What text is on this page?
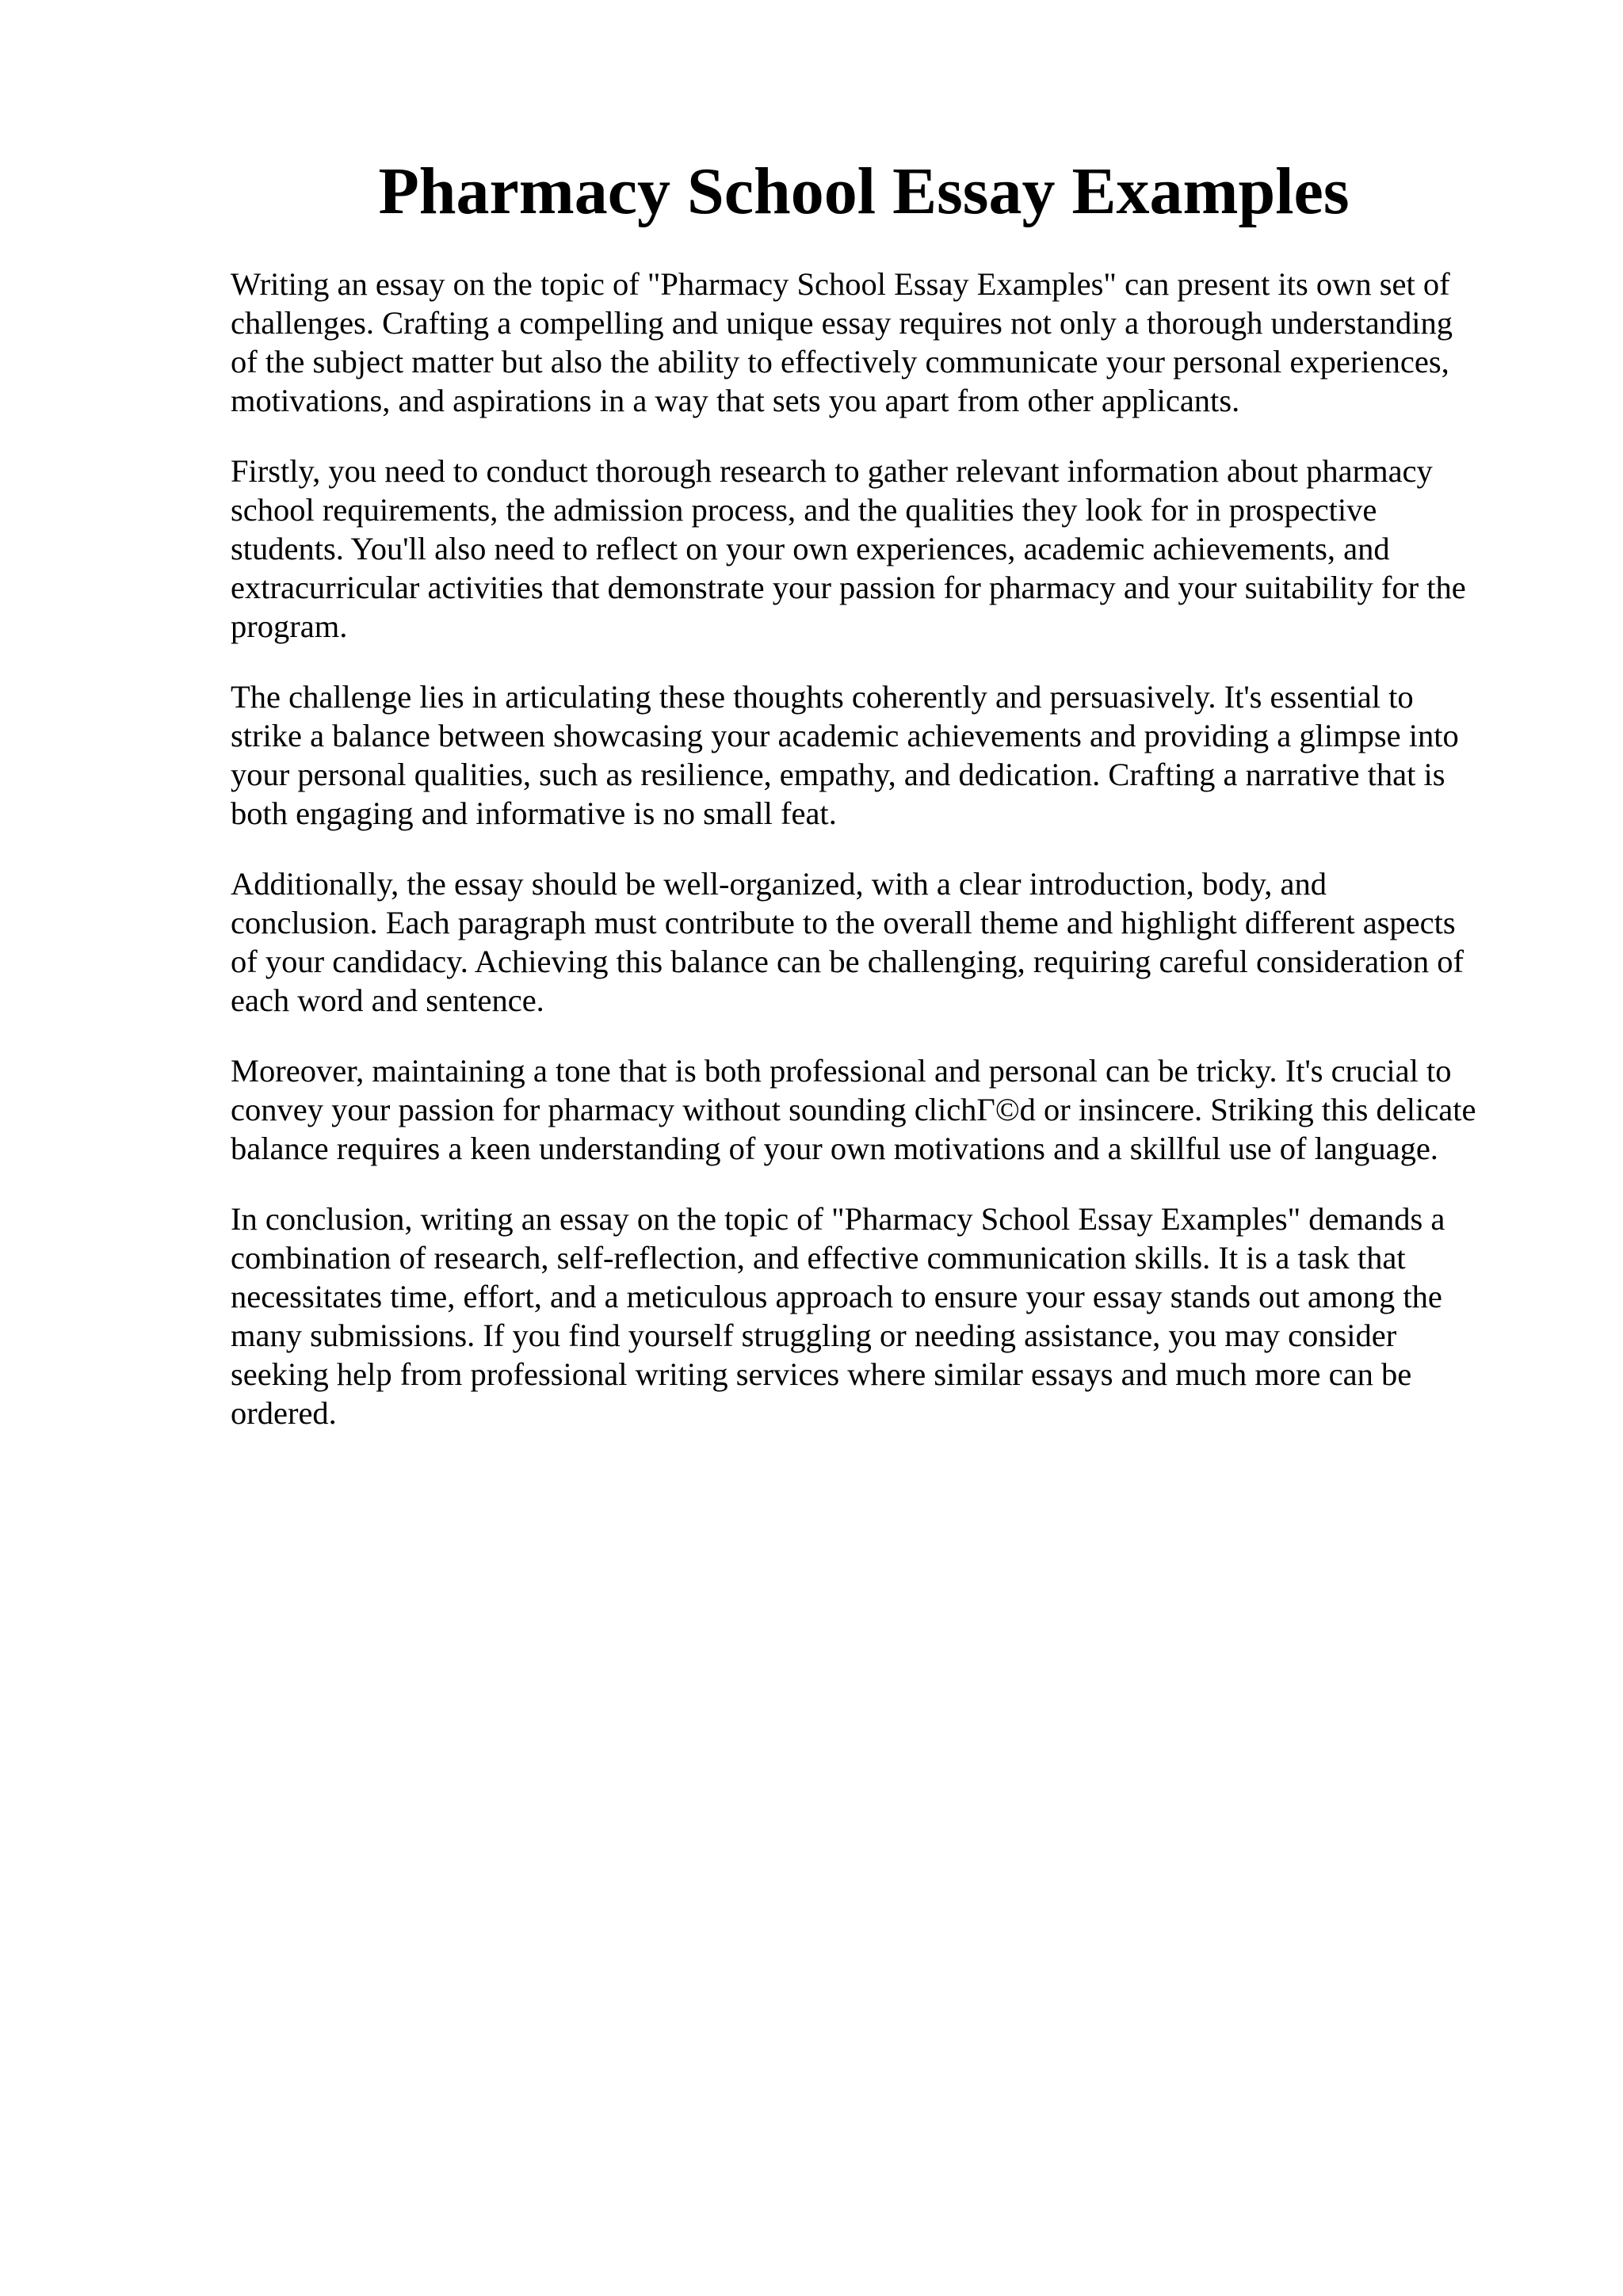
Pharmacy School Essay Examples

Writing an essay on the topic of "Pharmacy School Essay Examples" can present its own set of
challenges. Crafting a compelling and unique essay requires not only a thorough understanding
of the subject matter but also the ability to effectively communicate your personal experiences,
motivations, and aspirations in a way that sets you apart from other applicants.

Firstly, you need to conduct thorough research to gather relevant information about pharmacy
school requirements, the admission process, and the qualities they look for in prospective
students. You'll also need to reflect on your own experiences, academic achievements, and
extracurricular activities that demonstrate your passion for pharmacy and your suitability for the
program.

The challenge lies in articulating these thoughts coherently and persuasively. It's essential to
strike a balance between showcasing your academic achievements and providing a glimpse into
your personal qualities, such as resilience, empathy, and dedication. Crafting a narrative that is
both engaging and informative is no small feat.

Additionally, the essay should be well-organized, with a clear introduction, body, and
conclusion. Each paragraph must contribute to the overall theme and highlight different aspects
of your candidacy. Achieving this balance can be challenging, requiring careful consideration of
each word and sentence.

Moreover, maintaining a tone that is both professional and personal can be tricky. It's crucial to
convey your passion for pharmacy without sounding clichΓ©d or insincere. Striking this delicate
balance requires a keen understanding of your own motivations and a skillful use of language.

In conclusion, writing an essay on the topic of "Pharmacy School Essay Examples" demands a
combination of research, self-reflection, and effective communication skills. It is a task that
necessitates time, effort, and a meticulous approach to ensure your essay stands out among the
many submissions. If you find yourself struggling or needing assistance, you may consider
seeking help from professional writing services where similar essays and much more can be
ordered.
